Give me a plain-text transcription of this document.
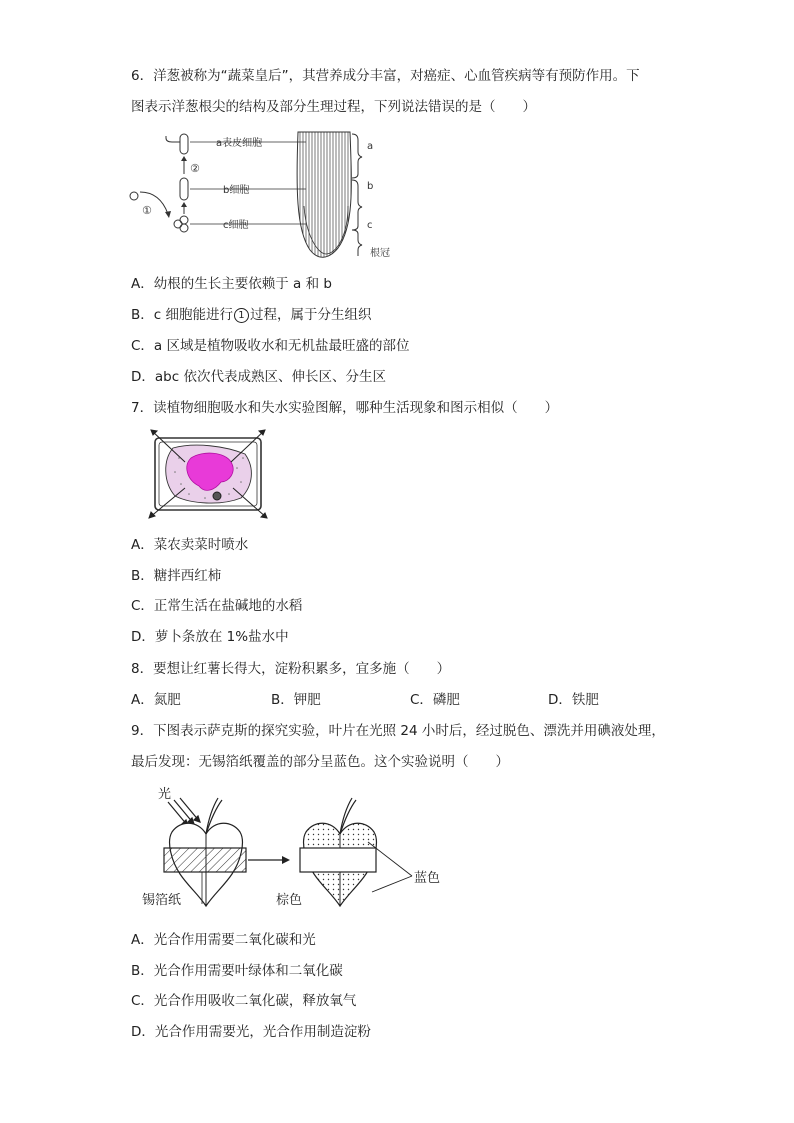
6．洋葱被称为“蔬菜皇后”，其营养成分丰富，对癌症、心血管疾病等有预防作用。下
图表示洋葱根尖的结构及部分生理过程，下列说法错误的是（　　）
a
b
c
根冠
a表皮细胞
②
b细胞
c细胞
①
A．幼根的生长主要依赖于 a 和 b
B．c 细胞能进行 1 过程，属于分生组织
C．a 区域是植物吸收水和无机盐最旺盛的部位
D．abc 依次代表成熟区、伸长区、分生区
7．读植物细胞吸水和失水实验图解，哪种生活现象和图示相似（　　）
A．菜农卖菜时喷水
B．糖拌西红柿
C．正常生活在盐碱地的水稻
D．萝卜条放在 1%盐水中
8．要想让红薯长得大，淀粉积累多，宜多施（　　）
A．氮肥	B．钾肥	C．磷肥	D．铁肥
9．下图表示萨克斯的探究实验，叶片在光照 24 小时后，经过脱色、漂洗并用碘液处理，
最后发现：无锡箔纸覆盖的部分呈蓝色。这个实验说明（　　）
光
锡箔纸	棕色
蓝色
A．光合作用需要二氧化碳和光
B．光合作用需要叶绿体和二氧化碳
C．光合作用吸收二氧化碳，释放氧气
D．光合作用需要光，光合作用制造淀粉
